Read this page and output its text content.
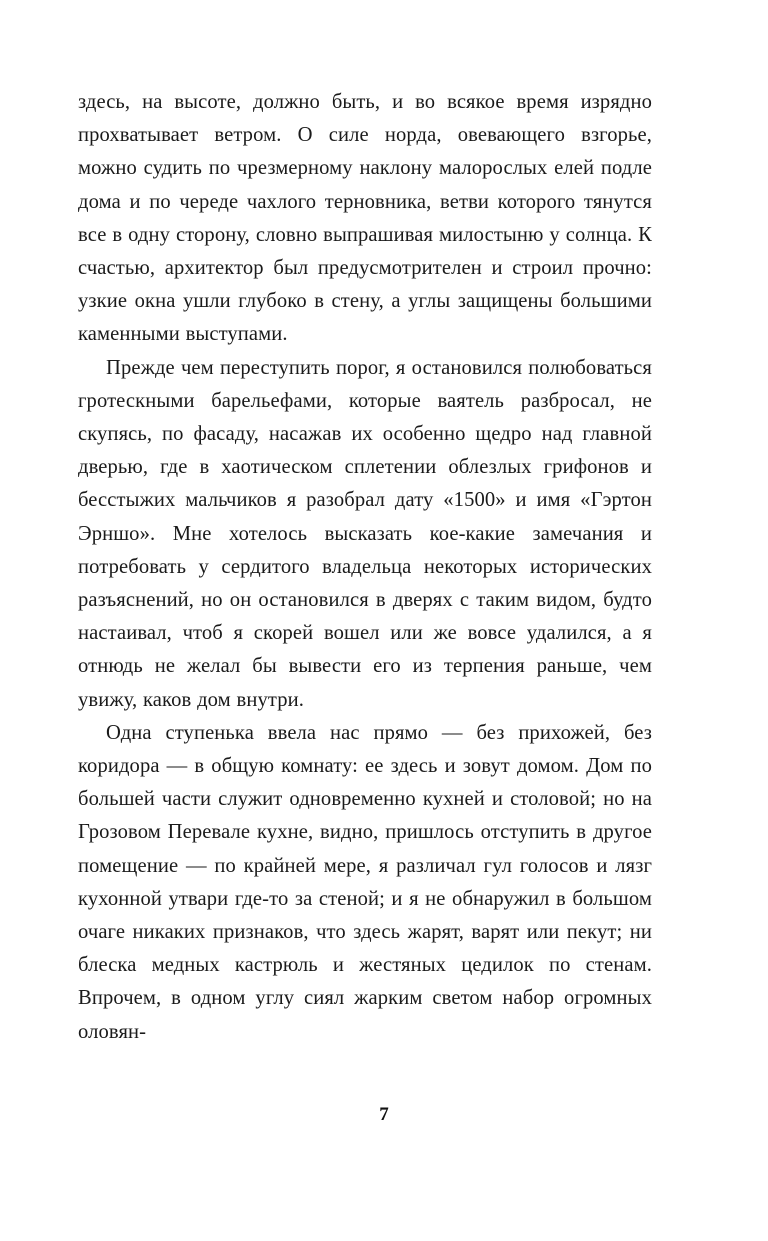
здесь, на высоте, должно быть, и во всякое время изрядно прохватывает ветром. О силе норда, овевающего взгорье, можно судить по чрезмерному наклону малорослых елей подле дома и по череде чахлого терновника, ветви которого тянутся все в одну сторону, словно выпрашивая милостыню у солнца. К счастью, архитектор был предусмотрителен и строил прочно: узкие окна ушли глубоко в стену, а углы защищены большими каменными выступами.

Прежде чем переступить порог, я остановился полюбоваться гротескными барельефами, которые ваятель разбросал, не скупясь, по фасаду, насажав их особенно щедро над главной дверью, где в хаотическом сплетении облезлых грифонов и бесстыжих мальчиков я разобрал дату «1500» и имя «Гэртон Эрншо». Мне хотелось высказать кое-какие замечания и потребовать у сердитого владельца некоторых исторических разъяснений, но он остановился в дверях с таким видом, будто настаивал, чтоб я скорей вошел или же вовсе удалился, а я отнюдь не желал бы вывести его из терпения раньше, чем увижу, каков дом внутри.

Одна ступенька ввела нас прямо — без прихожей, без коридора — в общую комнату: ее здесь и зовут домом. Дом по большей части служит одновременно кухней и столовой; но на Грозовом Перевале кухне, видно, пришлось отступить в другое помещение — по крайней мере, я различал гул голосов и лязг кухонной утвари где-то за стеной; и я не обнаружил в большом очаге никаких признаков, что здесь жарят, варят или пекут; ни блеска медных кастрюль и жестяных цедилок по стенам. Впрочем, в одном углу сиял жарким светом набор огромных оловян-

7
